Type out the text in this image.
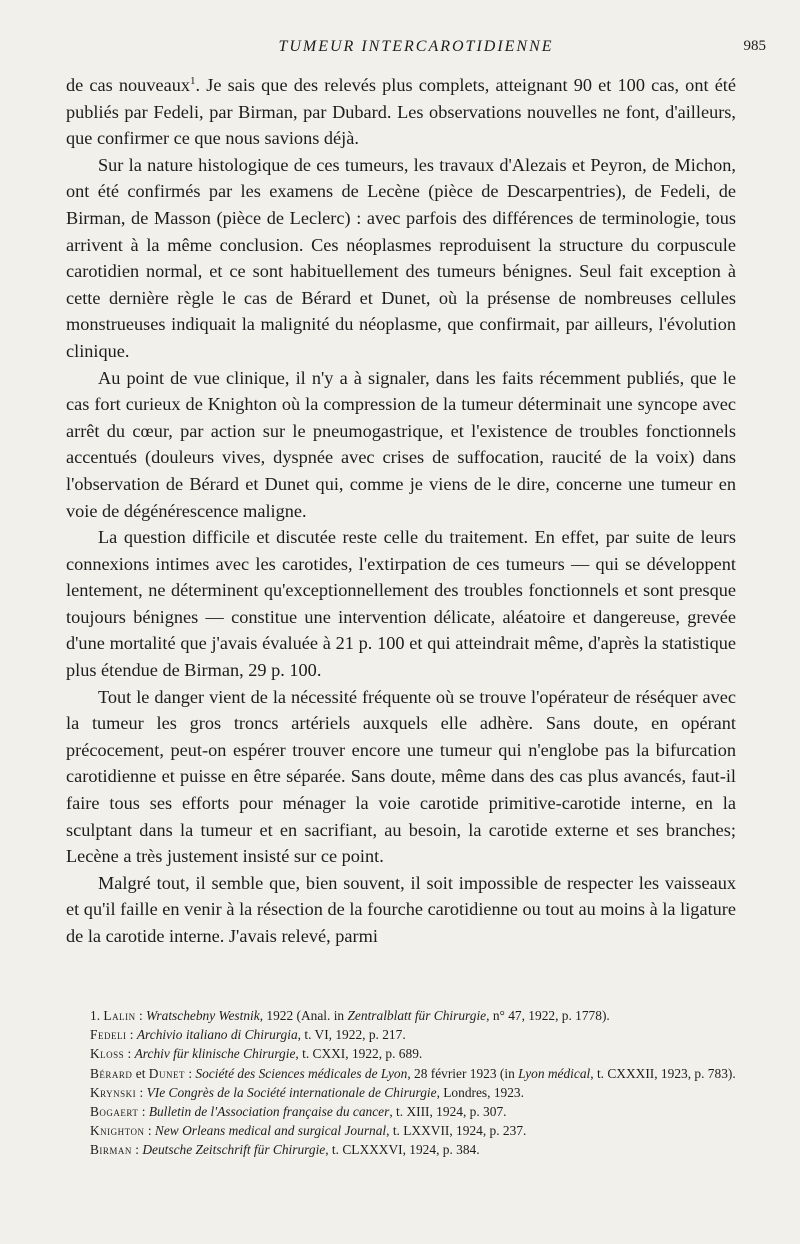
TUMEUR INTERCAROTIDIENNE	985

de cas nouveaux$^1$. Je sais que des relevés plus complets, atteignant 90 et 100 cas, ont été publiés par Fedeli, par Birman, par Dubard. Les observations nouvelles ne font, d'ailleurs, que confirmer ce que nous savions déjà.

Sur la nature histologique de ces tumeurs, les travaux d'Alezais et Peyron, de Michon, ont été confirmés par les examens de Lecène (pièce de Descarpentries), de Fedeli, de Birman, de Masson (pièce de Leclerc) : avec parfois des différences de terminologie, tous arrivent à la même conclusion. Ces néoplasmes reproduisent la structure du corpuscule carotidien normal, et ce sont habituellement des tumeurs bénignes. Seul fait exception à cette dernière règle le cas de Bérard et Dunet, où la présense de nombreuses cellules monstrueuses indiquait la malignité du néoplasme, que confirmait, par ailleurs, l'évolution clinique.

Au point de vue clinique, il n'y a à signaler, dans les faits récemment publiés, que le cas fort curieux de Knighton où la compression de la tumeur déterminait une syncope avec arrêt du cœur, par action sur le pneumogastrique, et l'existence de troubles fonctionnels accentués (douleurs vives, dyspnée avec crises de suffocation, raucité de la voix) dans l'observation de Bérard et Dunet qui, comme je viens de le dire, concerne une tumeur en voie de dégénérescence maligne.

La question difficile et discutée reste celle du traitement. En effet, par suite de leurs connexions intimes avec les carotides, l'extirpation de ces tumeurs — qui se développent lentement, ne déterminent qu'exceptionnellement des troubles fonctionnels et sont presque toujours bénignes — constitue une intervention délicate, aléatoire et dangereuse, grevée d'une mortalité que j'avais évaluée à 21 p. 100 et qui atteindrait même, d'après la statistique plus étendue de Birman, 29 p. 100.

Tout le danger vient de la nécessité fréquente où se trouve l'opérateur de réséquer avec la tumeur les gros troncs artériels auxquels elle adhère. Sans doute, en opérant précocement, peut-on espérer trouver encore une tumeur qui n'englobe pas la bifurcation carotidienne et puisse en être séparée. Sans doute, même dans des cas plus avancés, faut-il faire tous ses efforts pour ménager la voie carotide primitive-carotide interne, en la sculptant dans la tumeur et en sacrifiant, au besoin, la carotide externe et ses branches; Lecène a très justement insisté sur ce point.

Malgré tout, il semble que, bien souvent, il soit impossible de respecter les vaisseaux et qu'il faille en venir à la résection de la fourche carotidienne ou tout au moins à la ligature de la carotide interne. J'avais relevé, parmi

1. Lalin : Wratschebny Westnik, 1922 (Anal. in Zentralblatt für Chirurgie, n° 47, 1922, p. 1778).

Fedeli : Archivio italiano di Chirurgia, t. VI, 1922, p. 217.

Kloss : Archiv für klinische Chirurgie, t. CXXI, 1922, p. 689.

Bérard et Dunet : Société des Sciences médicales de Lyon, 28 février 1923 (in Lyon médical, t. CXXXII, 1923, p. 783).

Krynski : VIe Congrès de la Société internationale de Chirurgie, Londres, 1923.

Bogaert : Bulletin de l'Association française du cancer, t. XIII, 1924, p. 307.

Knighton : New Orleans medical and surgical Journal, t. LXXVII, 1924, p. 237.

Birman : Deutsche Zeitschrift für Chirurgie, t. CLXXXVI, 1924, p. 384.
